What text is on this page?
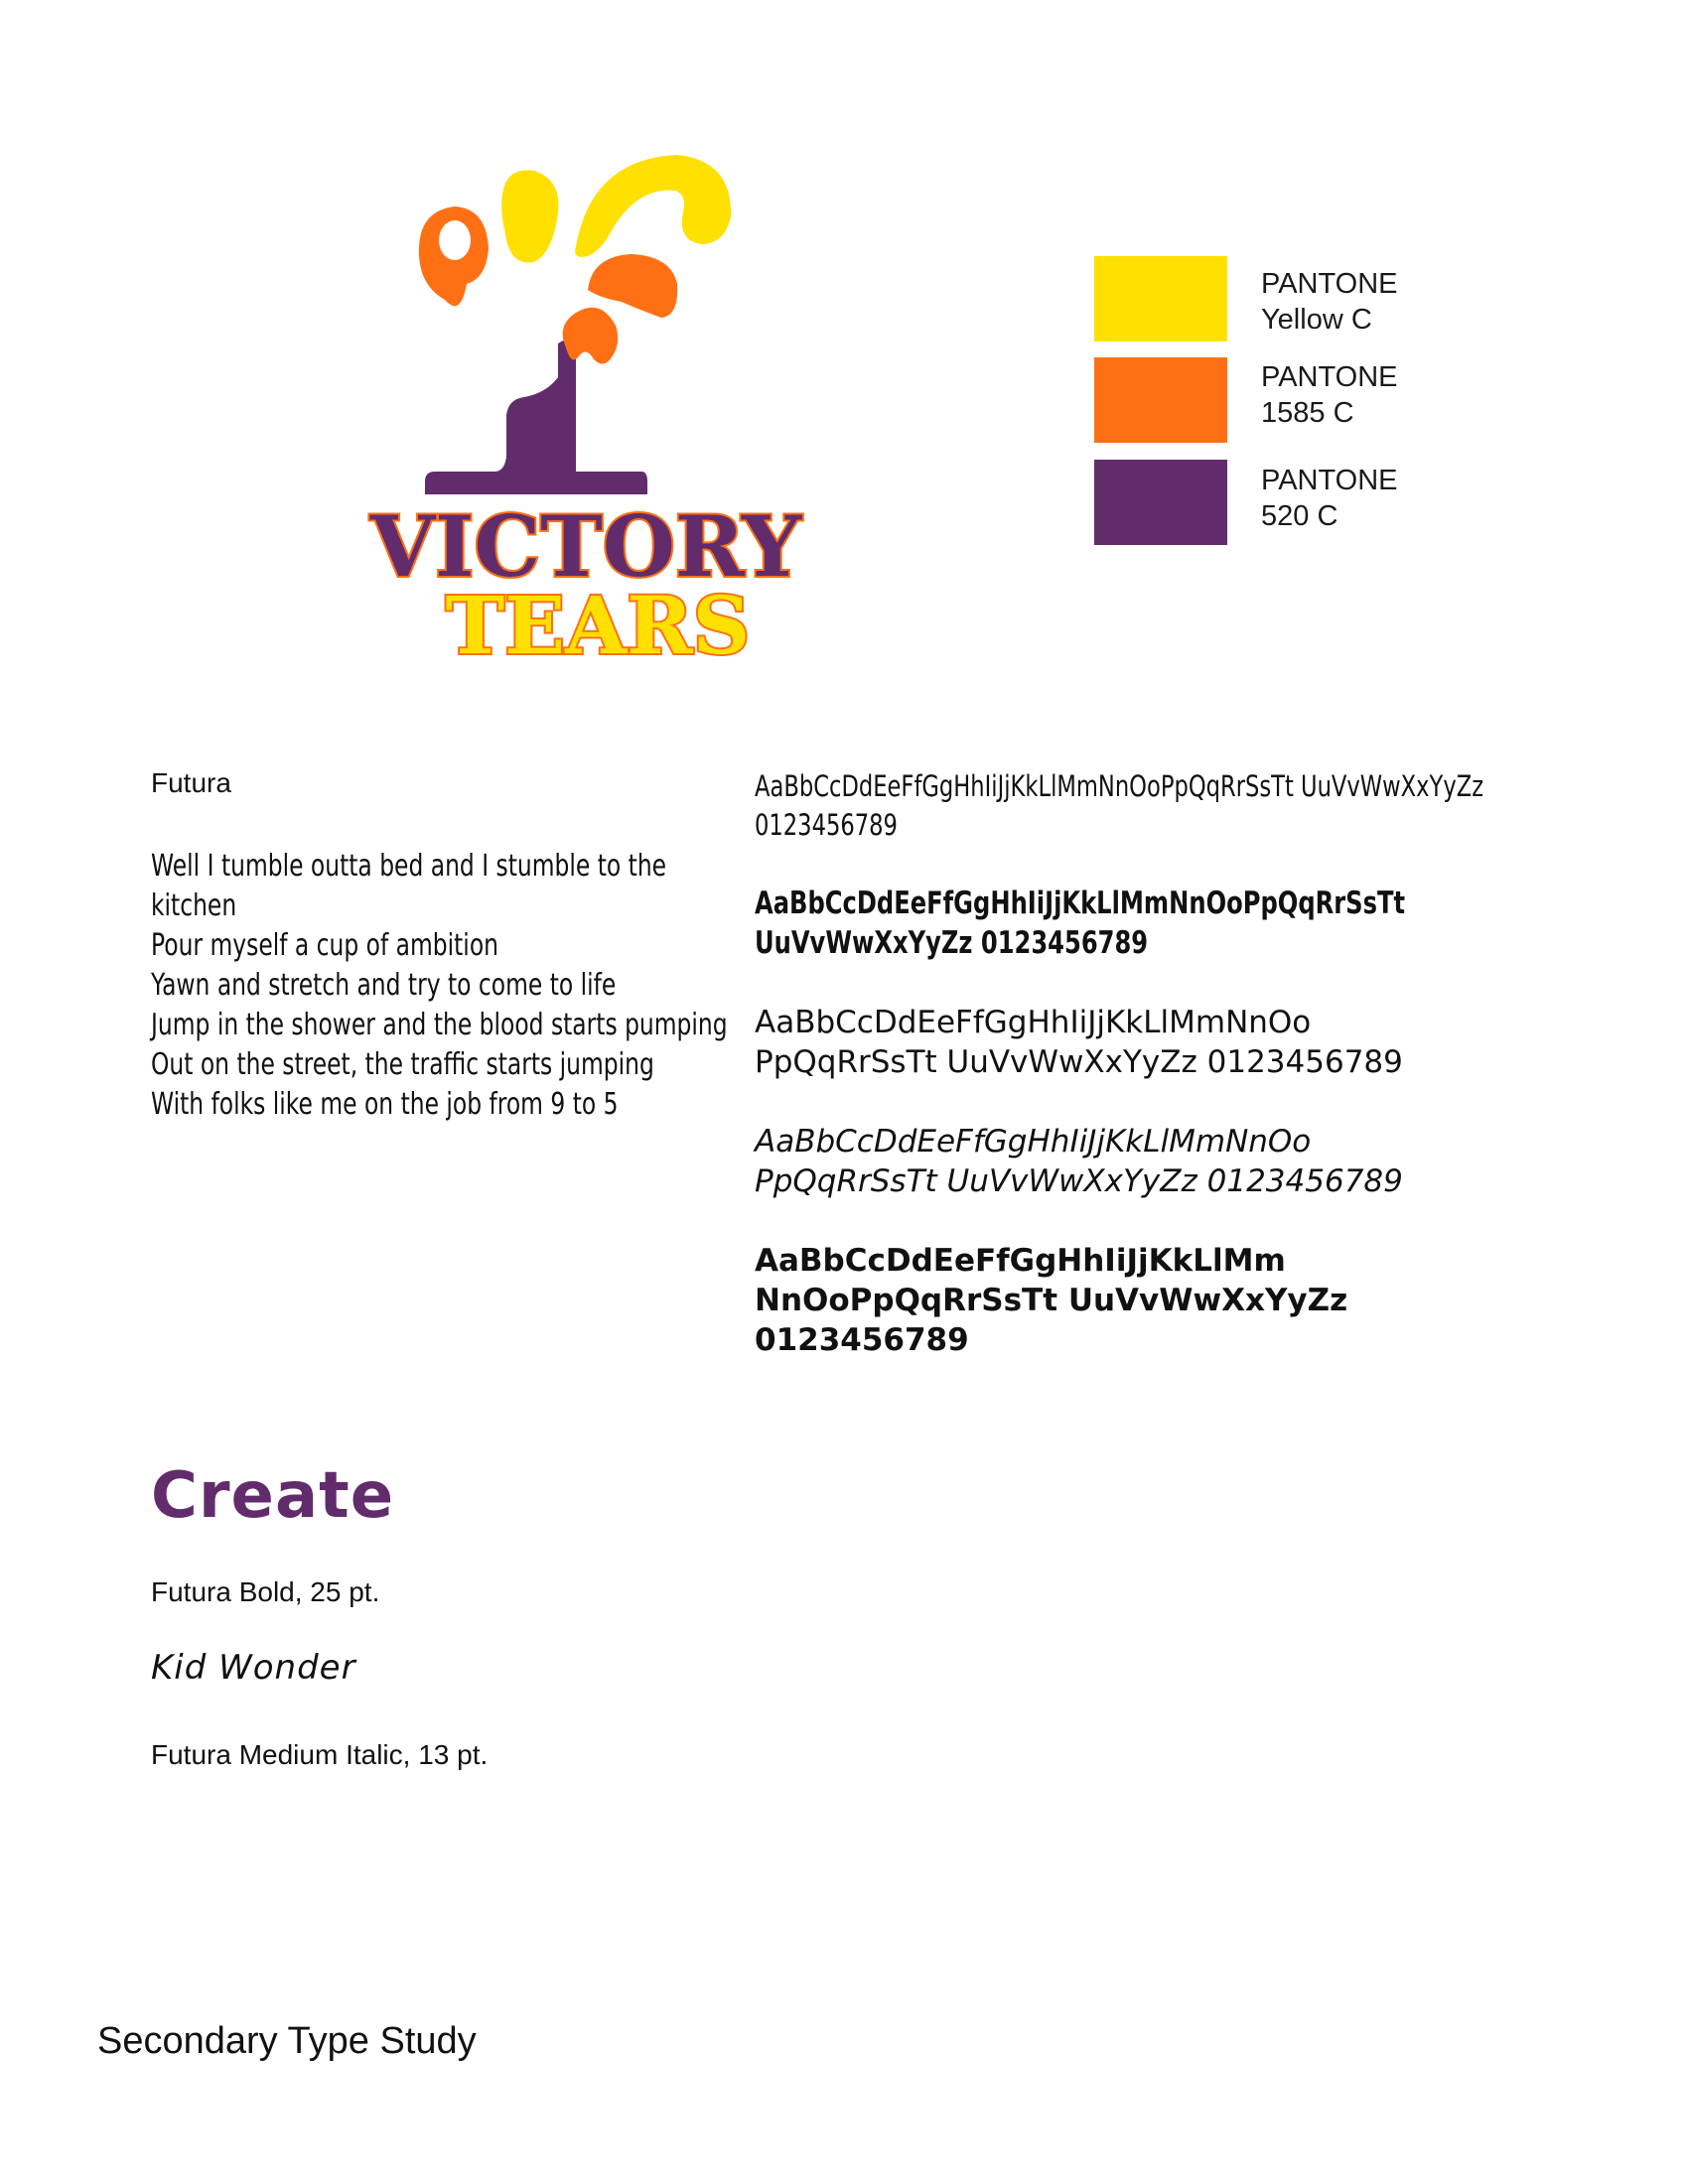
VICTORY
TEARS
PANTONE
Yellow C
PANTONE
1585 C
PANTONE
520 C
Futura
Well I tumble outta bed and I stumble to the
kitchen
Pour myself a cup of ambition
Yawn and stretch and try to come to life
Jump in the shower and the blood starts pumping
Out on the street, the traffic starts jumping
With folks like me on the job from 9 to 5
AaBbCcDdEeFfGgHhIiJjKkLlMmNnOoPpQqRrSsTt UuVvWwXxYyZz
0123456789
AaBbCcDdEeFfGgHhIiJjKkLlMmNnOoPpQqRrSsTt
UuVvWwXxYyZz 0123456789
AaBbCcDdEeFfGgHhIiJjKkLlMmNnOo
PpQqRrSsTt UuVvWwXxYyZz 0123456789
AaBbCcDdEeFfGgHhIiJjKkLlMmNnOo
PpQqRrSsTt UuVvWwXxYyZz 0123456789
AaBbCcDdEeFfGgHhIiJjKkLlMm
NnOoPpQqRrSsTt UuVvWwXxYyZz
0123456789
Create
Futura Bold, 25 pt.
Kid Wonder
Futura Medium Italic, 13 pt.
Secondary Type Study
